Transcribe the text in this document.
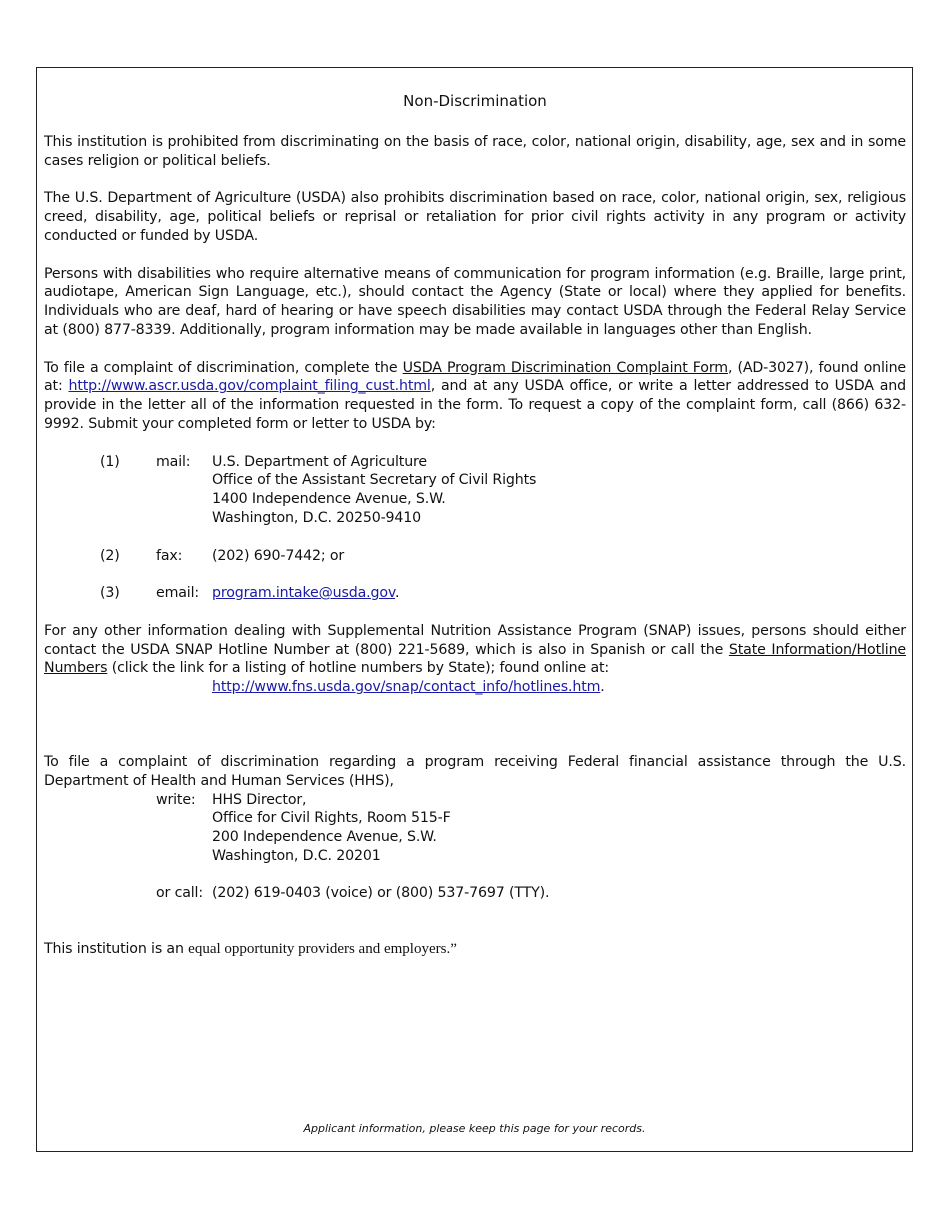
Non-Discrimination

This institution is prohibited from discriminating on the basis of race, color, national origin, disability, age, sex and in some cases religion or political beliefs.

The U.S. Department of Agriculture (USDA) also prohibits discrimination based on race, color, national origin, sex, religious creed, disability, age, political beliefs or reprisal or retaliation for prior civil rights activity in any program or activity conducted or funded by USDA.

Persons with disabilities who require alternative means of communication for program information (e.g. Braille, large print, audiotape, American Sign Language, etc.), should contact the Agency (State or local) where they applied for benefits. Individuals who are deaf, hard of hearing or have speech disabilities may contact USDA through the Federal Relay Service at (800) 877-8339. Additionally, program information may be made available in languages other than English.

To file a complaint of discrimination, complete the USDA Program Discrimination Complaint Form, (AD-3027), found online at: http://www.ascr.usda.gov/complaint_filing_cust.html, and at any USDA office, or write a letter addressed to USDA and provide in the letter all of the information requested in the form. To request a copy of the complaint form, call (866) 632-9992. Submit your completed form or letter to USDA by:

(1)	mail:	U.S. Department of Agriculture
Office of the Assistant Secretary of Civil Rights
1400 Independence Avenue, S.W.
Washington, D.C. 20250-9410
(2)	fax:	(202) 690-7442; or
(3)	email: program.intake@usda.gov.

For any other information dealing with Supplemental Nutrition Assistance Program (SNAP) issues, persons should either contact the USDA SNAP Hotline Number at (800) 221-5689, which is also in Spanish or call the State Information/Hotline Numbers (click the link for a listing of hotline numbers by State); found online at:

http://www.fns.usda.gov/snap/contact_info/hotlines.htm.

To file a complaint of discrimination regarding a program receiving Federal financial assistance through the U.S. Department of Health and Human Services (HHS),

write:	HHS Director,
Office for Civil Rights, Room 515-F
200 Independence Avenue, S.W.
Washington, D.C. 20201
or call: (202) 619-0403 (voice) or (800) 537-7697 (TTY).
This institution is an equal opportunity providers and employers.”
Applicant information, please keep this page for your records.
